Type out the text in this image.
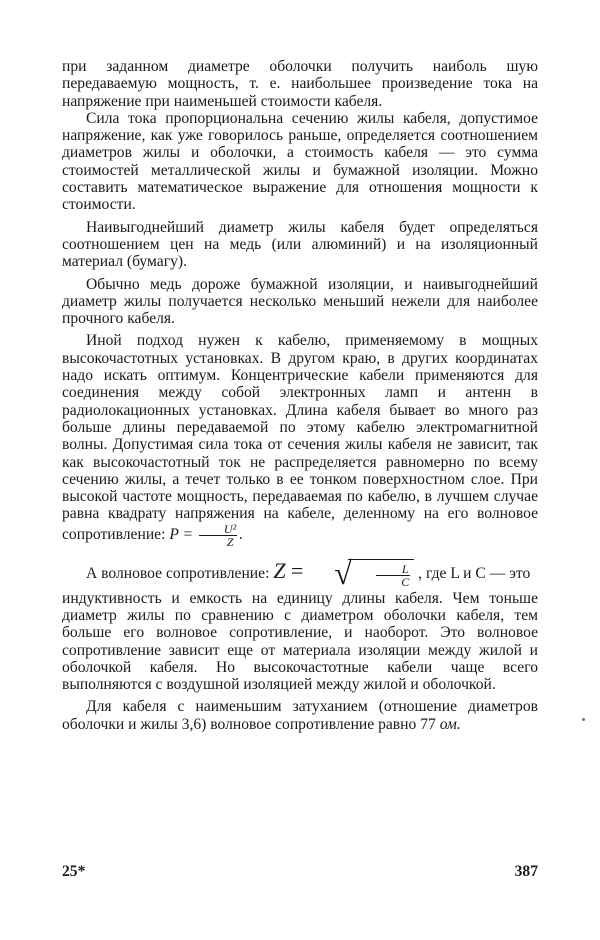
при заданном диаметре оболочки получить наиболь шую передаваемую мощность, т. е. наибольшее произведение тока на напряжение при наименьшей стоимости кабеля.

Сила тока пропорциональна сечению жилы кабеля, допустимое напряжение, как уже говорилось раньше, определяется соотношением диаметров жилы и оболочки, а стоимость кабеля — это сумма стоимостей металлической жилы и бумажной изоляции. Можно составить математическое выражение для отношения мощности к стоимости.

Наивыгоднейший диаметр жилы кабеля будет определяться соотношением цен на медь (или алюминий) и на изоляционный материал (бумагу).

Обычно медь дороже бумажной изоляции, и наивыгоднейший диаметр жилы получается несколько меньший нежели для наиболее прочного кабеля.

Иной подход нужен к кабелю, применяемому в мощных высокочастотных установках. В другом краю, в других координатах надо искать оптимум. Концентрические кабели применяются для соединения между собой электронных ламп и антенн в радиолокационных установках. Длина кабеля бывает во много раз больше длины передаваемой по этому кабелю электромагнитной волны. Допустимая сила тока от сечения жилы кабеля не зависит, так как высокочастотный ток не распределяется равномерно по всему сечению жилы, а течет только в ее тонком поверхностном слое. При высокой частоте мощность, передаваемая по кабелю, в лучшем случае равна квадрату напряжения на кабеле, деленному на его волновое сопротивление: $P = \frac{\text{U²}}{Z}$ .

А волновое сопротивление: Z = √ $\frac{L}{C}$ , где L и C — это

индуктивность и емкость на единицу длины кабеля. Чем тоньше диаметр жилы по сравнению с диаметром оболочки кабеля, тем больше его волновое сопротивление, и наоборот. Это волновое сопротивление зависит еще от материала изоляции между жилой и оболочкой кабеля. Но высокочастотные кабели чаще всего выполняются с воздушной изоляцией между жилой и оболочкой.

Для кабеля с наименьшим затуханием (отношение диаметров оболочки и жилы 3,6) волновое сопротивление равно 77 ом.

25*	387
